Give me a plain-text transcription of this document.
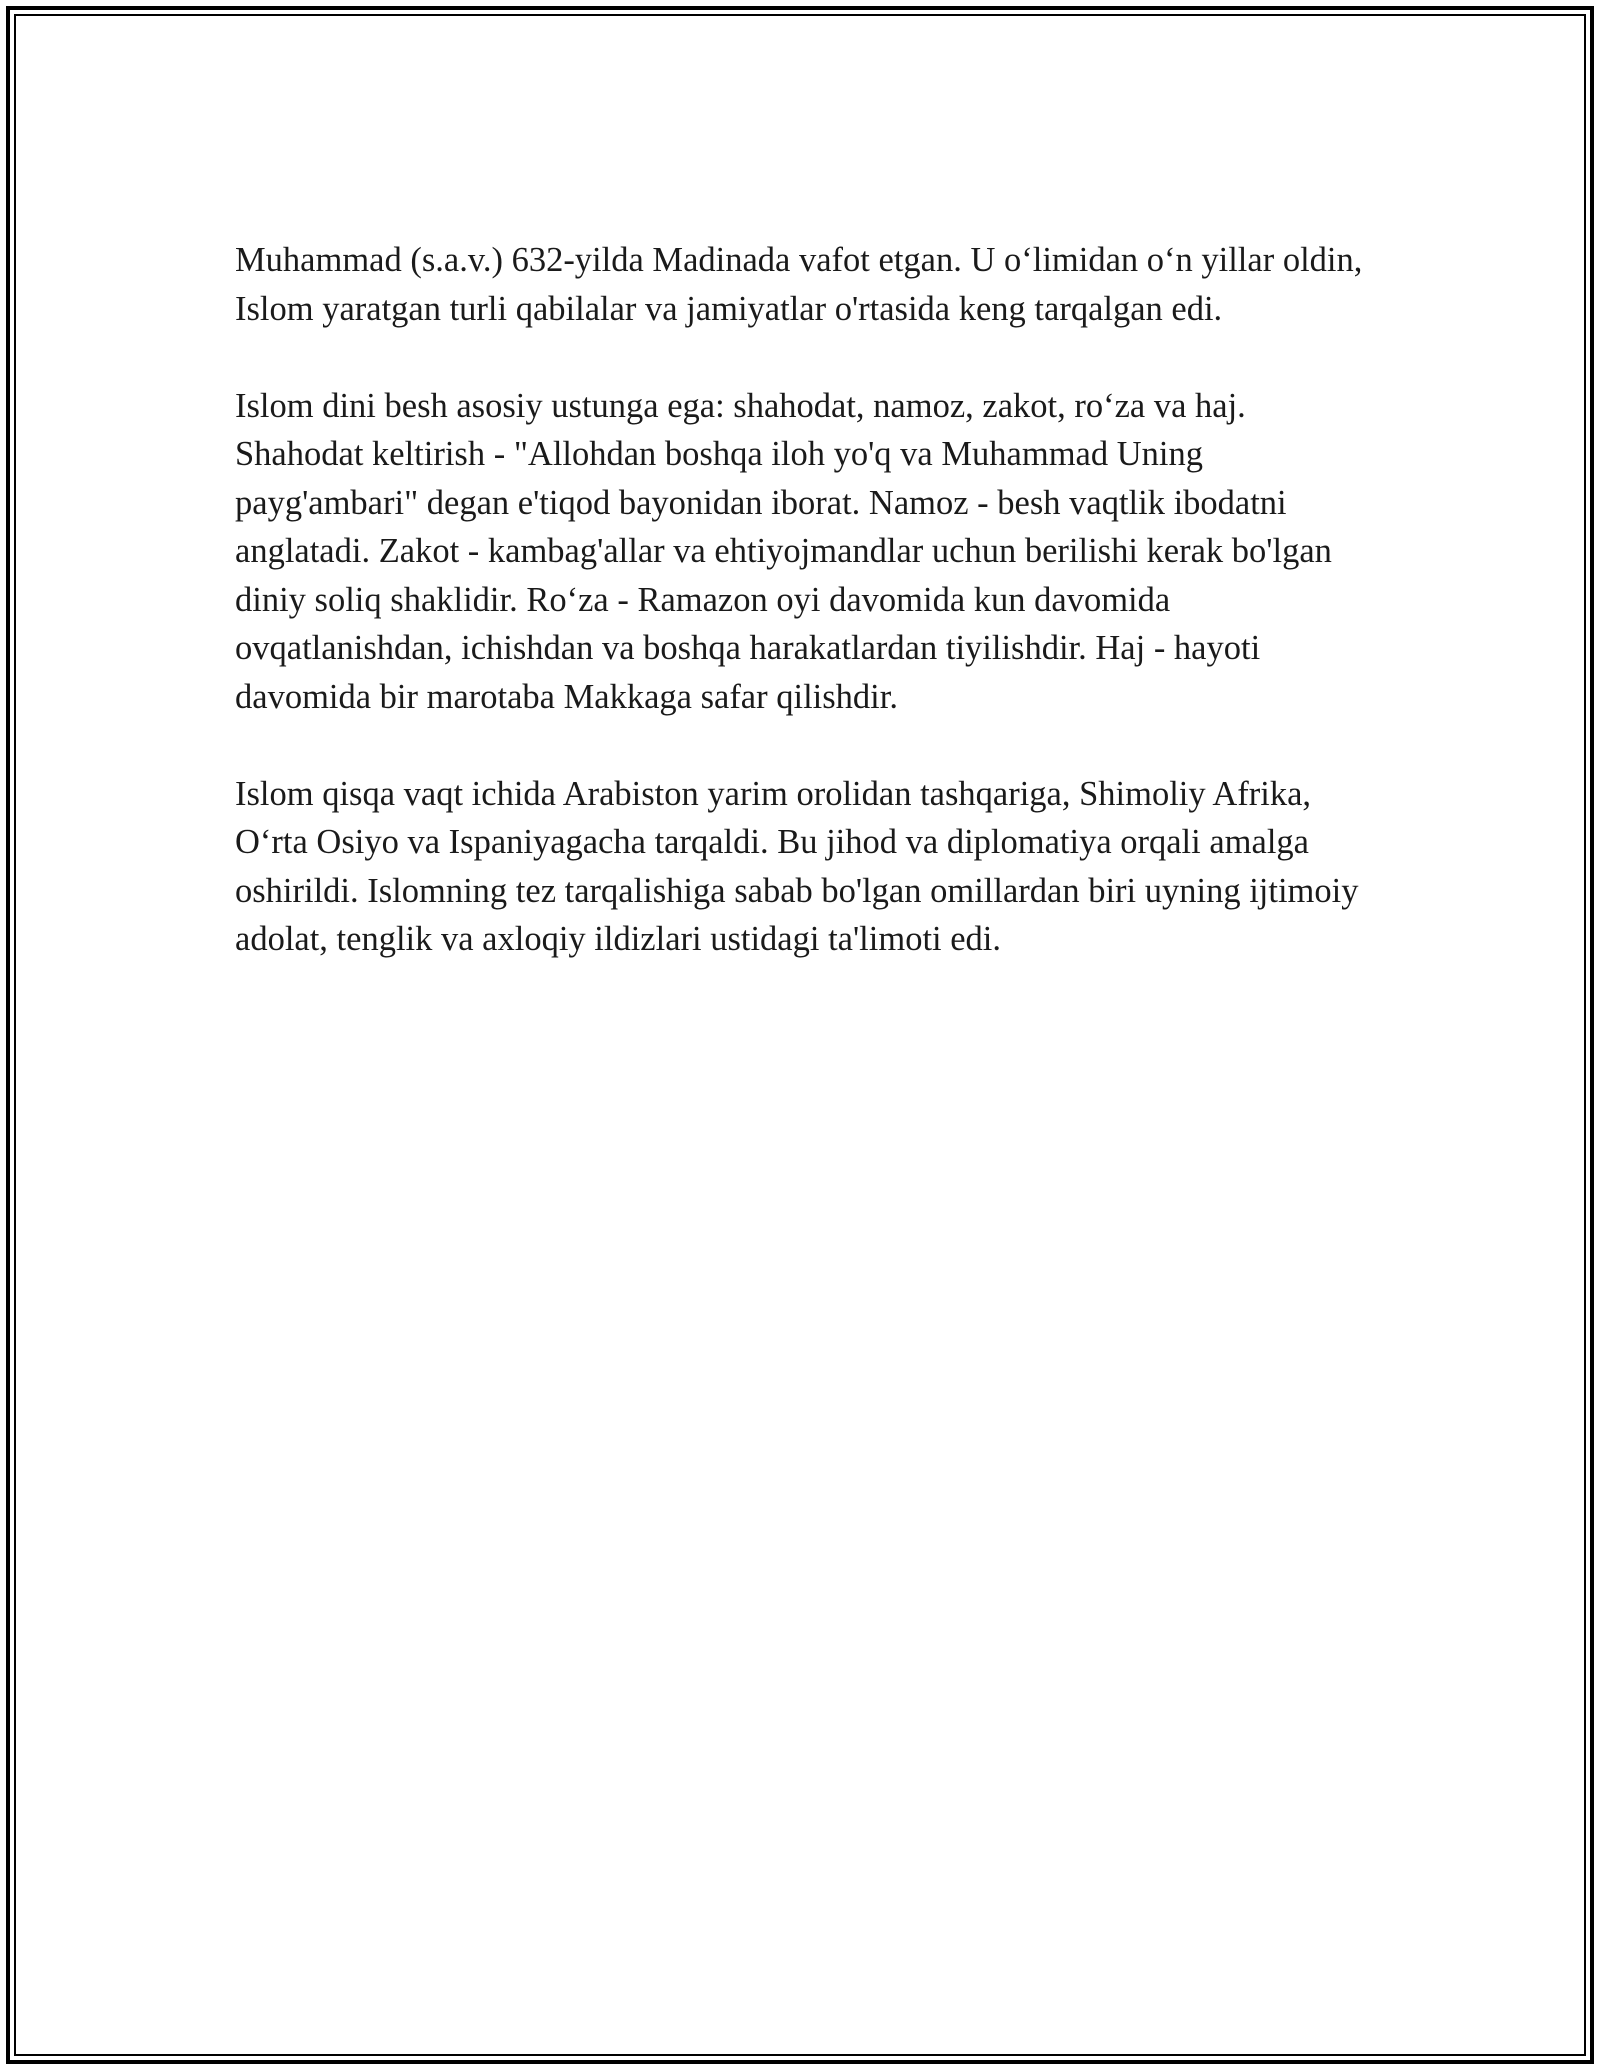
Muhammad (s.a.v.) 632-yilda Madinada vafot etgan. U o‘limidan o‘n yillar oldin, Islom yaratgan turli qabilalar va jamiyatlar o'rtasida keng tarqalgan edi.

Islom dini besh asosiy ustunga ega: shahodat, namoz, zakot, ro‘za va haj. Shahodat keltirish - "Allohdan boshqa iloh yo'q va Muhammad Uning payg'ambari" degan e'tiqod bayonidan iborat. Namoz - besh vaqtlik ibodatni anglatadi. Zakot - kambag'allar va ehtiyojmandlar uchun berilishi kerak bo'lgan diniy soliq shaklidir. Ro‘za - Ramazon oyi davomida kun davomida ovqatlanishdan, ichishdan va boshqa harakatlardan tiyilishdir. Haj - hayoti davomida bir marotaba Makkaga safar qilishdir.

Islom qisqa vaqt ichida Arabiston yarim orolidan tashqariga, Shimoliy Afrika, O‘rta Osiyo va Ispaniyagacha tarqaldi. Bu jihod va diplomatiya orqali amalga oshirildi. Islomning tez tarqalishiga sabab bo'lgan omillardan biri uyning ijtimoiy adolat, tenglik va axloqiy ildizlari ustidagi ta'limoti edi.
